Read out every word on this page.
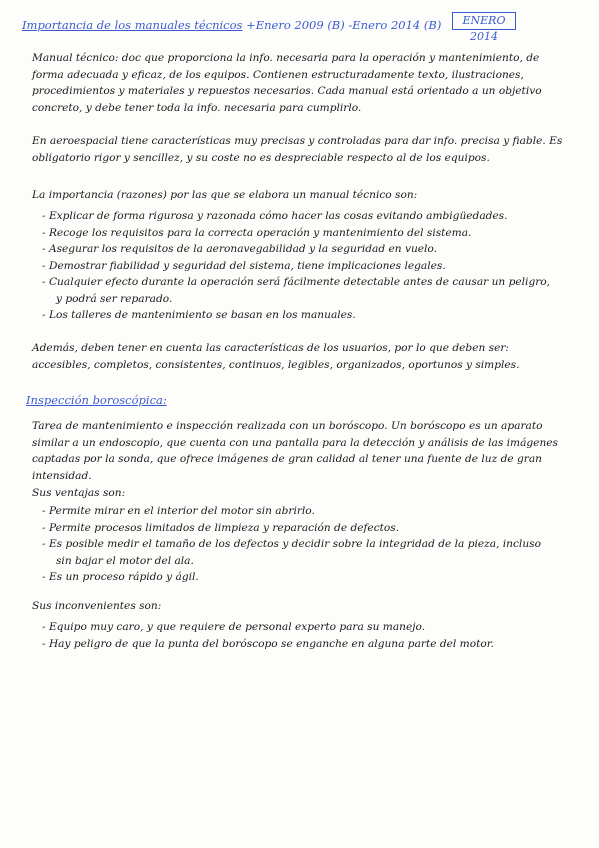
Importancia de los manuales técnicos +Enero 2009 (B) -Enero 2014 (B)	ENERO 2014

Manual técnico: doc que proporciona la info. necesaria para la operación y mantenimiento, de forma adecuada y eficaz, de los equipos. Contienen estructuradamente texto, ilustraciones, procedimientos y materiales y repuestos necesarios. Cada manual está orientado a un objetivo concreto, y debe tener toda la info. necesaria para cumplirlo.

En aeroespacial tiene características muy precisas y controladas para dar info. precisa y fiable. Es obligatorio rigor y sencillez, y su coste no es despreciable respecto al de los equipos.

La importancia (razones) por las que se elabora un manual técnico son:

- Explicar de forma rigurosa y razonada cómo hacer las cosas evitando ambigüedades.

- Recoge los requisitos para la correcta operación y mantenimiento del sistema.

- Asegurar los requisitos de la aeronavegabilidad y la seguridad en vuelo.

- Demostrar fiabilidad y seguridad del sistema, tiene implicaciones legales.

- Cualquier efecto durante la operación será fácilmente detectable antes de causar un peligro,

y podrá ser reparado.

- Los talleres de mantenimiento se basan en los manuales.

Además, deben tener en cuenta las características de los usuarios, por lo que deben ser: accesibles, completos, consistentes, continuos, legibles, organizados, oportunos y simples.

Inspección boroscópica:

Tarea de mantenimiento e inspección realizada con un boróscopo. Un boróscopo es un aparato similar a un endoscopio, que cuenta con una pantalla para la detección y análisis de las imágenes captadas por la sonda, que ofrece imágenes de gran calidad al tener una fuente de luz de gran intensidad.

Sus ventajas son:

- Permite mirar en el interior del motor sin abrirlo.

- Permite procesos limitados de limpieza y reparación de defectos.

- Es posible medir el tamaño de los defectos y decidir sobre la integridad de la pieza, incluso

sin bajar el motor del ala.

- Es un proceso rápido y ágil.

Sus inconvenientes son:

- Equipo muy caro, y que requiere de personal experto para su manejo.

- Hay peligro de que la punta del boróscopo se enganche en alguna parte del motor.
